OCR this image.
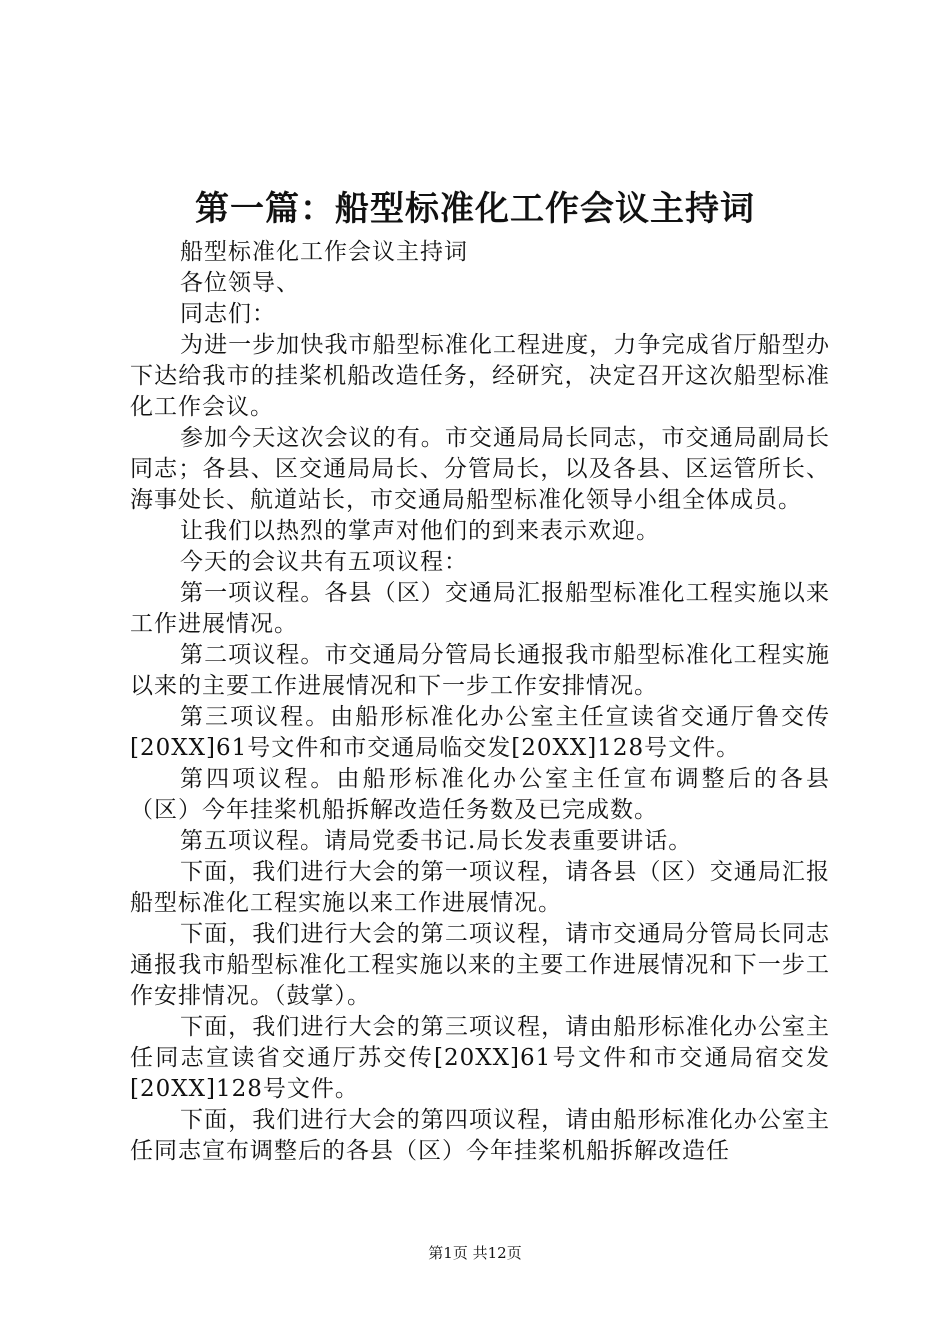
第一篇：船型标准化工作会议主持词

船型标准化工作会议主持词

各位领导、

同志们：

为进一步加快我市船型标准化工程进度，力争完成省厅船型办下达给我市的挂桨机船改造任务，经研究，决定召开这次船型标准化工作会议。

参加今天这次会议的有。市交通局局长同志，市交通局副局长同志；各县、区交通局局长、分管局长，以及各县、区运管所长、海事处长、航道站长，市交通局船型标准化领导小组全体成员。

让我们以热烈的掌声对他们的到来表示欢迎。

今天的会议共有五项议程：

第一项议程。各县（区）交通局汇报船型标准化工程实施以来工作进展情况。

第二项议程。市交通局分管局长通报我市船型标准化工程实施以来的主要工作进展情况和下一步工作安排情况。

第三项议程。由船形标准化办公室主任宣读省交通厅鲁交传[20XX]61号文件和市交通局临交发[20XX]128号文件。

第四项议程。由船形标准化办公室主任宣布调整后的各县（区）今年挂桨机船拆解改造任务数及已完成数。

第五项议程。请局党委书记.局长发表重要讲话。

下面，我们进行大会的第一项议程，请各县（区）交通局汇报船型标准化工程实施以来工作进展情况。

下面，我们进行大会的第二项议程，请市交通局分管局长同志通报我市船型标准化工程实施以来的主要工作进展情况和下一步工作安排情况。（鼓掌）。

下面，我们进行大会的第三项议程，请由船形标准化办公室主任同志宣读省交通厅苏交传[20XX]61号文件和市交通局宿交发[20XX]128号文件。

下面，我们进行大会的第四项议程，请由船形标准化办公室主任同志宣布调整后的各县（区）今年挂桨机船拆解改造任

第1页 共12页
